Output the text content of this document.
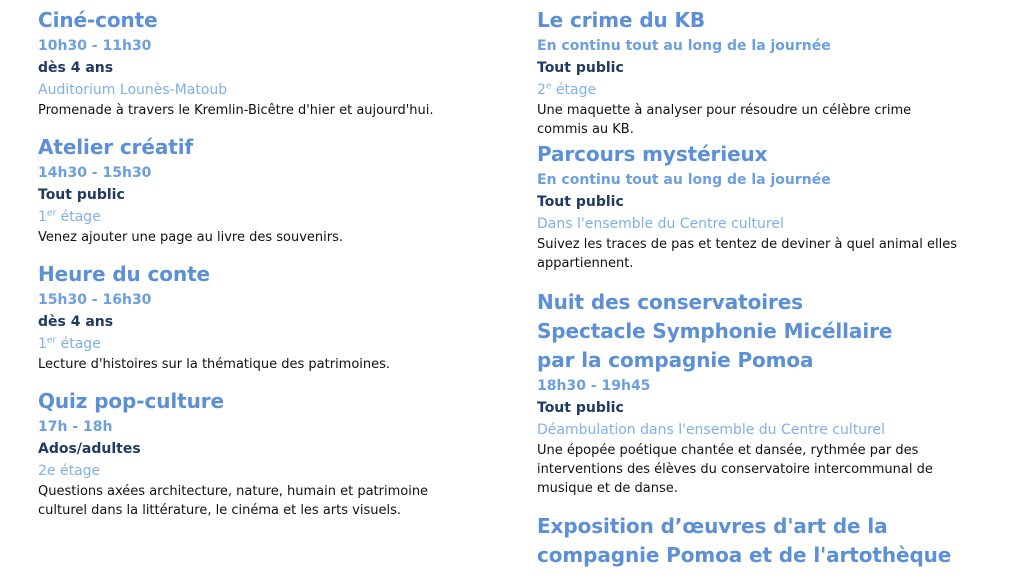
Ciné-conte

10h30 - 11h30

dès 4 ans

Auditorium Lounès-Matoub

Promenade à travers le Kremlin-Bicêtre d'hier et aujourd'hui.

Atelier créatif

14h30 - 15h30

Tout public

1er étage

Venez ajouter une page au livre des souvenirs.

Heure du conte

15h30 - 16h30

dès 4 ans

1er étage

Lecture d'histoires sur la thématique des patrimoines.

Quiz pop-culture

17h - 18h

Ados/adultes

2e étage

Questions axées architecture, nature, humain et patrimoine

culturel dans la littérature, le cinéma et les arts visuels.

Le crime du KB

En continu tout au long de la journée

Tout public

2e étage

Une maquette à analyser pour résoudre un célèbre crime

commis au KB.

Parcours mystérieux

En continu tout au long de la journée

Tout public

Dans l'ensemble du Centre culturel

Suivez les traces de pas et tentez de deviner à quel animal elles

appartiennent.

Nuit des conservatoires

Spectacle Symphonie Micéllaire

par la compagnie Pomoa

18h30 - 19h45

Tout public

Déambulation dans l'ensemble du Centre culturel

Une épopée poétique chantée et dansée, rythmée par des

interventions des élèves du conservatoire intercommunal de

musique et de danse.

Exposition d’œuvres d'art de la

compagnie Pomoa et de l'artothèque
